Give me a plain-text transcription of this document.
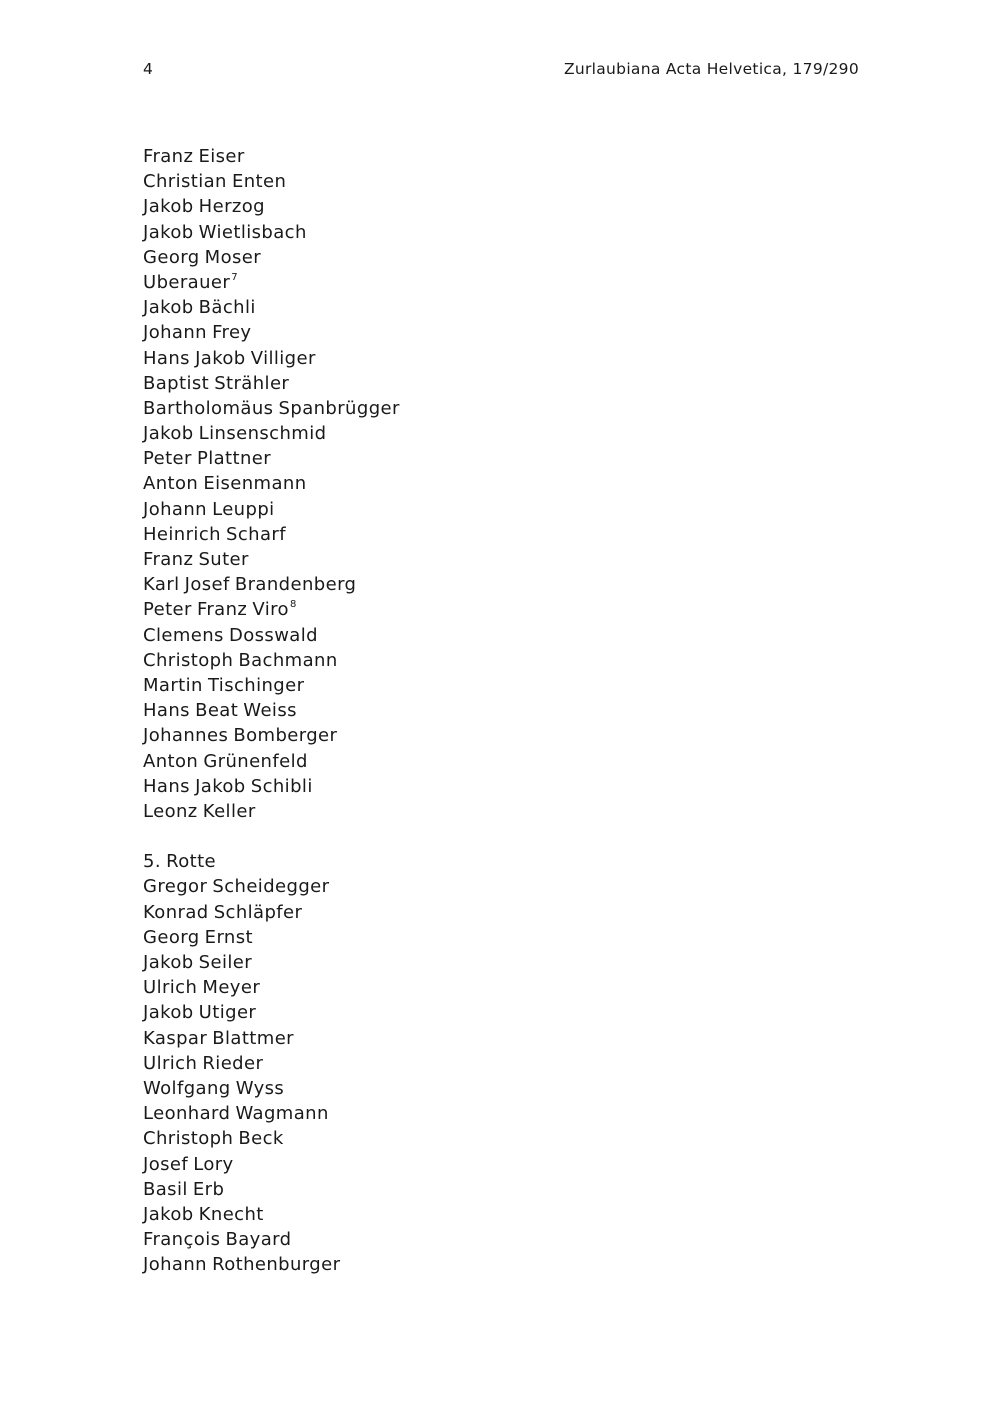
4	Zurlaubiana Acta Helvetica, 179/290
Franz Eiser
Christian Enten
Jakob Herzog
Jakob Wietlisbach
Georg Moser
Uberauer$^7$
Jakob Bächli
Johann Frey
Hans Jakob Villiger
Baptist Strähler
Bartholomäus Spanbrügger
Jakob Linsenschmid
Peter Plattner
Anton Eisenmann
Johann Leuppi
Heinrich Scharf
Franz Suter
Karl Josef Brandenberg
Peter Franz Viro$^8$
Clemens Dosswald
Christoph Bachmann
Martin Tischinger
Hans Beat Weiss
Johannes Bomberger
Anton Grünenfeld
Hans Jakob Schibli
Leonz Keller
5. Rotte
Gregor Scheidegger
Konrad Schläpfer
Georg Ernst
Jakob Seiler
Ulrich Meyer
Jakob Utiger
Kaspar Blattmer
Ulrich Rieder
Wolfgang Wyss
Leonhard Wagmann
Christoph Beck
Josef Lory
Basil Erb
Jakob Knecht
François Bayard
Johann Rothenburger
